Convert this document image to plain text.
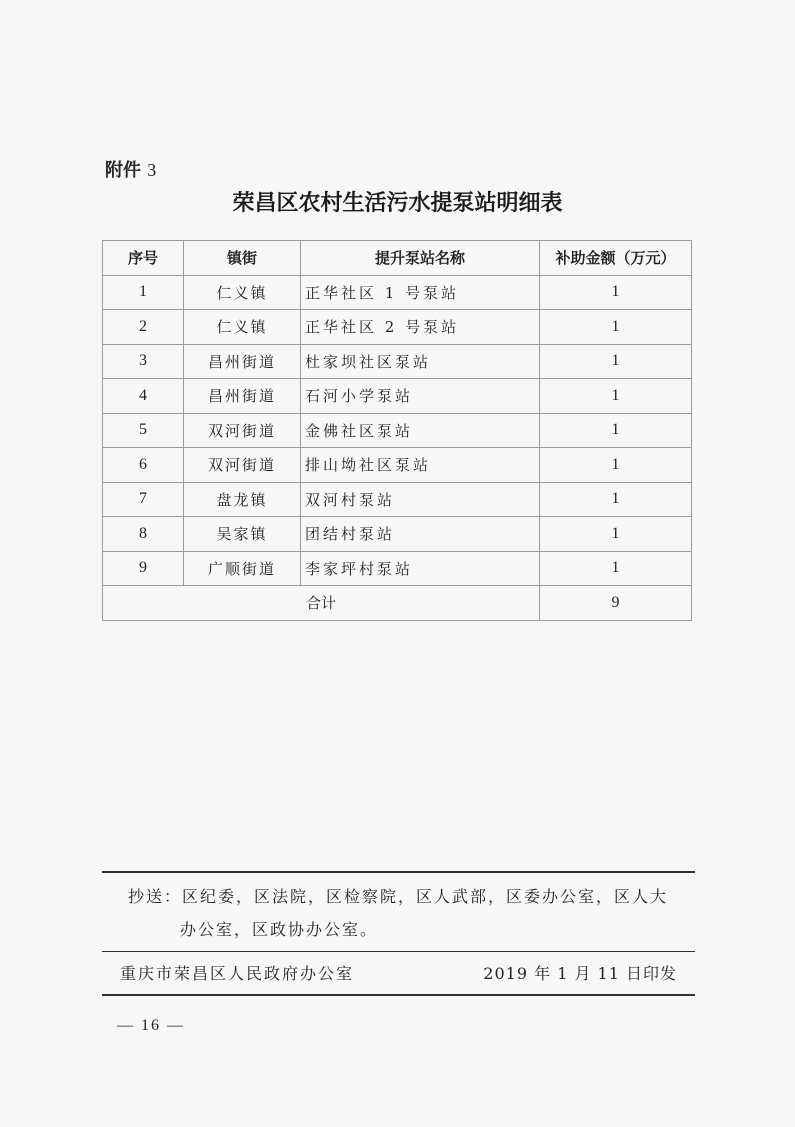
附件 3
荣昌区农村生活污水提泵站明细表
序号	镇街	提升泵站名称	补助金额（万元）
1	仁义镇	正华社区 1 号泵站	1
2	仁义镇	正华社区 2 号泵站	1
3	昌州街道	杜家坝社区泵站	1
4	昌州街道	石河小学泵站	1
5	双河街道	金佛社区泵站	1
6	双河街道	排山坳社区泵站	1
7	盘龙镇	双河村泵站	1
8	吴家镇	团结村泵站	1
9	广顺街道	李家坪村泵站	1
合计			9
抄送：区纪委，区法院，区检察院，区人武部，区委办公室，区人大
办公室，区政协办公室。
重庆市荣昌区人民政府办公室	2019 年 1 月 11 日印发
— 16 —
